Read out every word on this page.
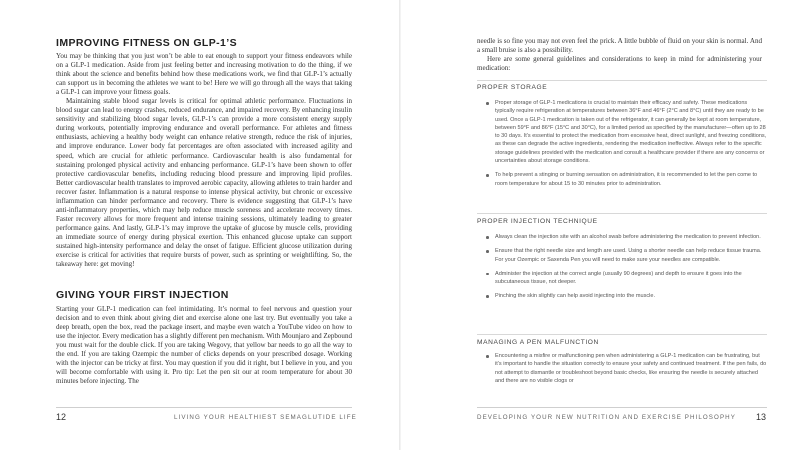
IMPROVING FITNESS ON GLP-1’S

You may be thinking that you just won’t be able to eat enough to support your fitness endeavors while on a GLP-1 medication. Aside from just feeling better and increasing motivation to do the thing, if we think about the science and benefits behind how these medications work, we find that GLP-1’s actually can support us in becoming the athletes we want to be! Here we will go through all the ways that taking a GLP-1 can improve your fitness goals.

Maintaining stable blood sugar levels is critical for optimal athletic performance. Fluctuations in blood sugar can lead to energy crashes, reduced endurance, and impaired recovery. By enhancing insulin sensitivity and stabilizing blood sugar levels, GLP-1’s can provide a more consistent energy supply during workouts, potentially improving endurance and overall performance. For athletes and fitness enthusiasts, achieving a healthy body weight can enhance relative strength, reduce the risk of injuries, and improve endurance. Lower body fat percentages are often associated with increased agility and speed, which are crucial for athletic performance. Cardiovascular health is also fundamental for sustaining prolonged physical activity and enhancing performance. GLP-1’s have been shown to offer protective cardiovascular benefits, including reducing blood pressure and improving lipid profiles. Better cardiovascular health translates to improved aerobic capacity, allowing athletes to train harder and recover faster. Inflammation is a natural response to intense physical activity, but chronic or excessive inflammation can hinder performance and recovery. There is evidence suggesting that GLP-1’s have anti-inflammatory properties, which may help reduce muscle soreness and accelerate recovery times. Faster recovery allows for more frequent and intense training sessions, ultimately leading to greater performance gains. And lastly, GLP-1’s may improve the uptake of glucose by muscle cells, providing an immediate source of energy during physical exertion. This enhanced glucose uptake can support sustained high-intensity performance and delay the onset of fatigue. Efficient glucose utilization during exercise is critical for activities that require bursts of power, such as sprinting or weightlifting. So, the takeaway here: get moving!

GIVING YOUR FIRST INJECTION

Starting your GLP-1 medication can feel intimidating. It’s normal to feel nervous and question your decision and to even think about giving diet and exercise alone one last try. But eventually you take a deep breath, open the box, read the package insert, and maybe even watch a YouTube video on how to use the injector. Every medication has a slightly different pen mechanism. With Mounjaro and Zepbound you must wait for the double click. If you are taking Wegovy, that yellow bar needs to go all the way to the end. If you are taking Ozempic the number of clicks depends on your prescribed dosage. Working with the injector can be tricky at first. You may question if you did it right, but I believe in you, and you will become comfortable with using it. Pro tip: Let the pen sit our at room temperature for about 30 minutes before injecting. The

12	LIVING YOUR HEALTHIEST SEMAGLUTIDE LIFE

needle is so fine you may not even feel the prick. A little bubble of fluid on your skin is normal. And a small bruise is also a possibility.

Here are some general guidelines and considerations to keep in mind for administering your medication:

PROPER STORAGE
Proper storage of GLP-1 medications is crucial to maintain their efficacy and safety. These medications typically require refrigeration at temperatures between 36°F and 46°F (2°C and 8°C) until they are ready to be used. Once a GLP-1 medication is taken out of the refrigerator, it can generally be kept at room temperature, between 59°F and 86°F (15°C and 30°C), for a limited period as specified by the manufacturer—often up to 28 to 30 days. It’s essential to protect the medication from excessive heat, direct sunlight, and freezing conditions, as these can degrade the active ingredients, rendering the medication ineffective. Always refer to the specific storage guidelines provided with the medication and consult a healthcare provider if there are any concerns or uncertainties about storage conditions.
To help prevent a stinging or burning sensation on administration, it is recommended to let the pen come to room temperature for about 15 to 30 minutes prior to administration.
PROPER INJECTION TECHNIQUE
Always clean the injection site with an alcohol swab before administering the medication to prevent infection.
Ensure that the right needle size and length are used. Using a shorter needle can help reduce tissue trauma. For your Ozempic or Saxenda Pen you will need to make sure your needles are compatible.
Administer the injection at the correct angle (usually 90 degrees) and depth to ensure it goes into the subcutaneous tissue, not deeper.
Pinching the skin slightly can help avoid injecting into the muscle.
MANAGING A PEN MALFUNCTION
Encountering a misfire or malfunctioning pen when administering a GLP-1 medication can be frustrating, but it’s important to handle the situation correctly to ensure your safety and continued treatment. If the pen fails, do not attempt to dismantle or troubleshoot beyond basic checks, like ensuring the needle is securely attached and there are no visible clogs or
DEVELOPING YOUR NEW NUTRITION AND EXERCISE PHILOSOPHY 13
